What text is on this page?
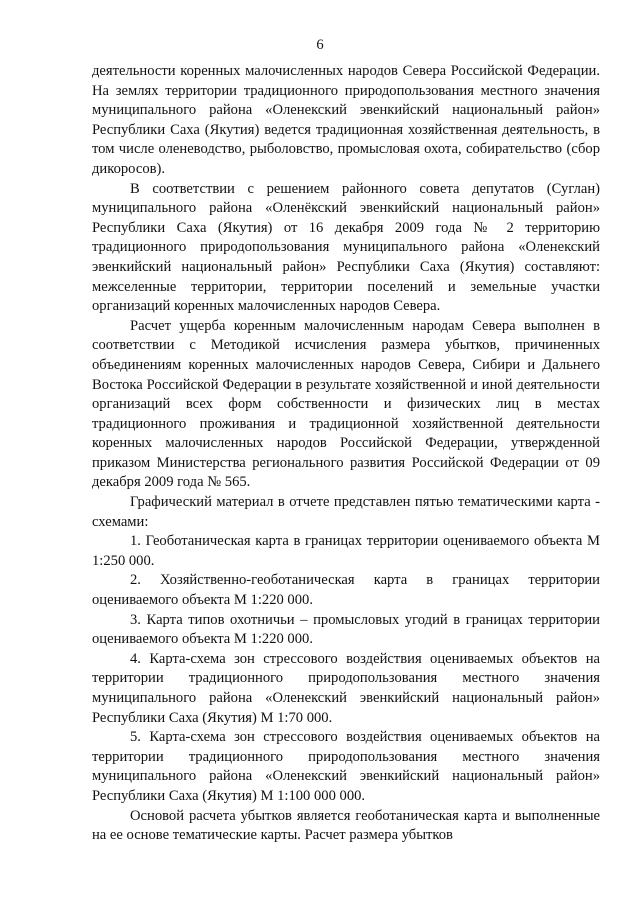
6

деятельности коренных малочисленных народов Севера Российской Федерации. На землях территории традиционного природопользования местного значения муниципального района «Оленекский эвенкийский национальный район» Республики Саха (Якутия) ведется традиционная хозяйственная деятельность, в том числе оленеводство, рыболовство, промысловая охота, собирательство (сбор дикоросов).

В соответствии с решением районного совета депутатов (Суглан) муниципального района «Оленёкский эвенкийский национальный район» Республики Саха (Якутия) от 16 декабря 2009 года № 2 территорию традиционного природопользования муниципального района «Оленекский эвенкийский национальный район» Республики Саха (Якутия) составляют: межселенные территории, территории поселений и земельные участки организаций коренных малочисленных народов Севера.

Расчет ущерба коренным малочисленным народам Севера выполнен в соответствии с Методикой исчисления размера убытков, причиненных объединениям коренных малочисленных народов Севера, Сибири и Дальнего Востока Российской Федерации в результате хозяйственной и иной деятельности организаций всех форм собственности и физических лиц в местах традиционного проживания и традиционной хозяйственной деятельности коренных малочисленных народов Российской Федерации, утвержденной приказом Министерства регионального развития Российской Федерации от 09 декабря 2009 года № 565.

Графический материал в отчете представлен пятью тематическими карта - схемами:

1. Геоботаническая карта в границах территории оцениваемого объекта М 1:250 000.

2. Хозяйственно-геоботаническая карта в границах территории оцениваемого объекта М 1:220 000.

3. Карта типов охотничьи – промысловых угодий в границах территории оцениваемого объекта М 1:220 000.

4. Карта-схема зон стрессового воздействия оцениваемых объектов на территории традиционного природопользования местного значения муниципального района «Оленекский эвенкийский национальный район» Республики Саха (Якутия) М 1:70 000.

5. Карта-схема зон стрессового воздействия оцениваемых объектов на территории традиционного природопользования местного значения муниципального района «Оленекский эвенкийский национальный район» Республики Саха (Якутия) М 1:100 000 000.

Основой расчета убытков является геоботаническая карта и выполненные на ее основе тематические карты. Расчет размера убытков
